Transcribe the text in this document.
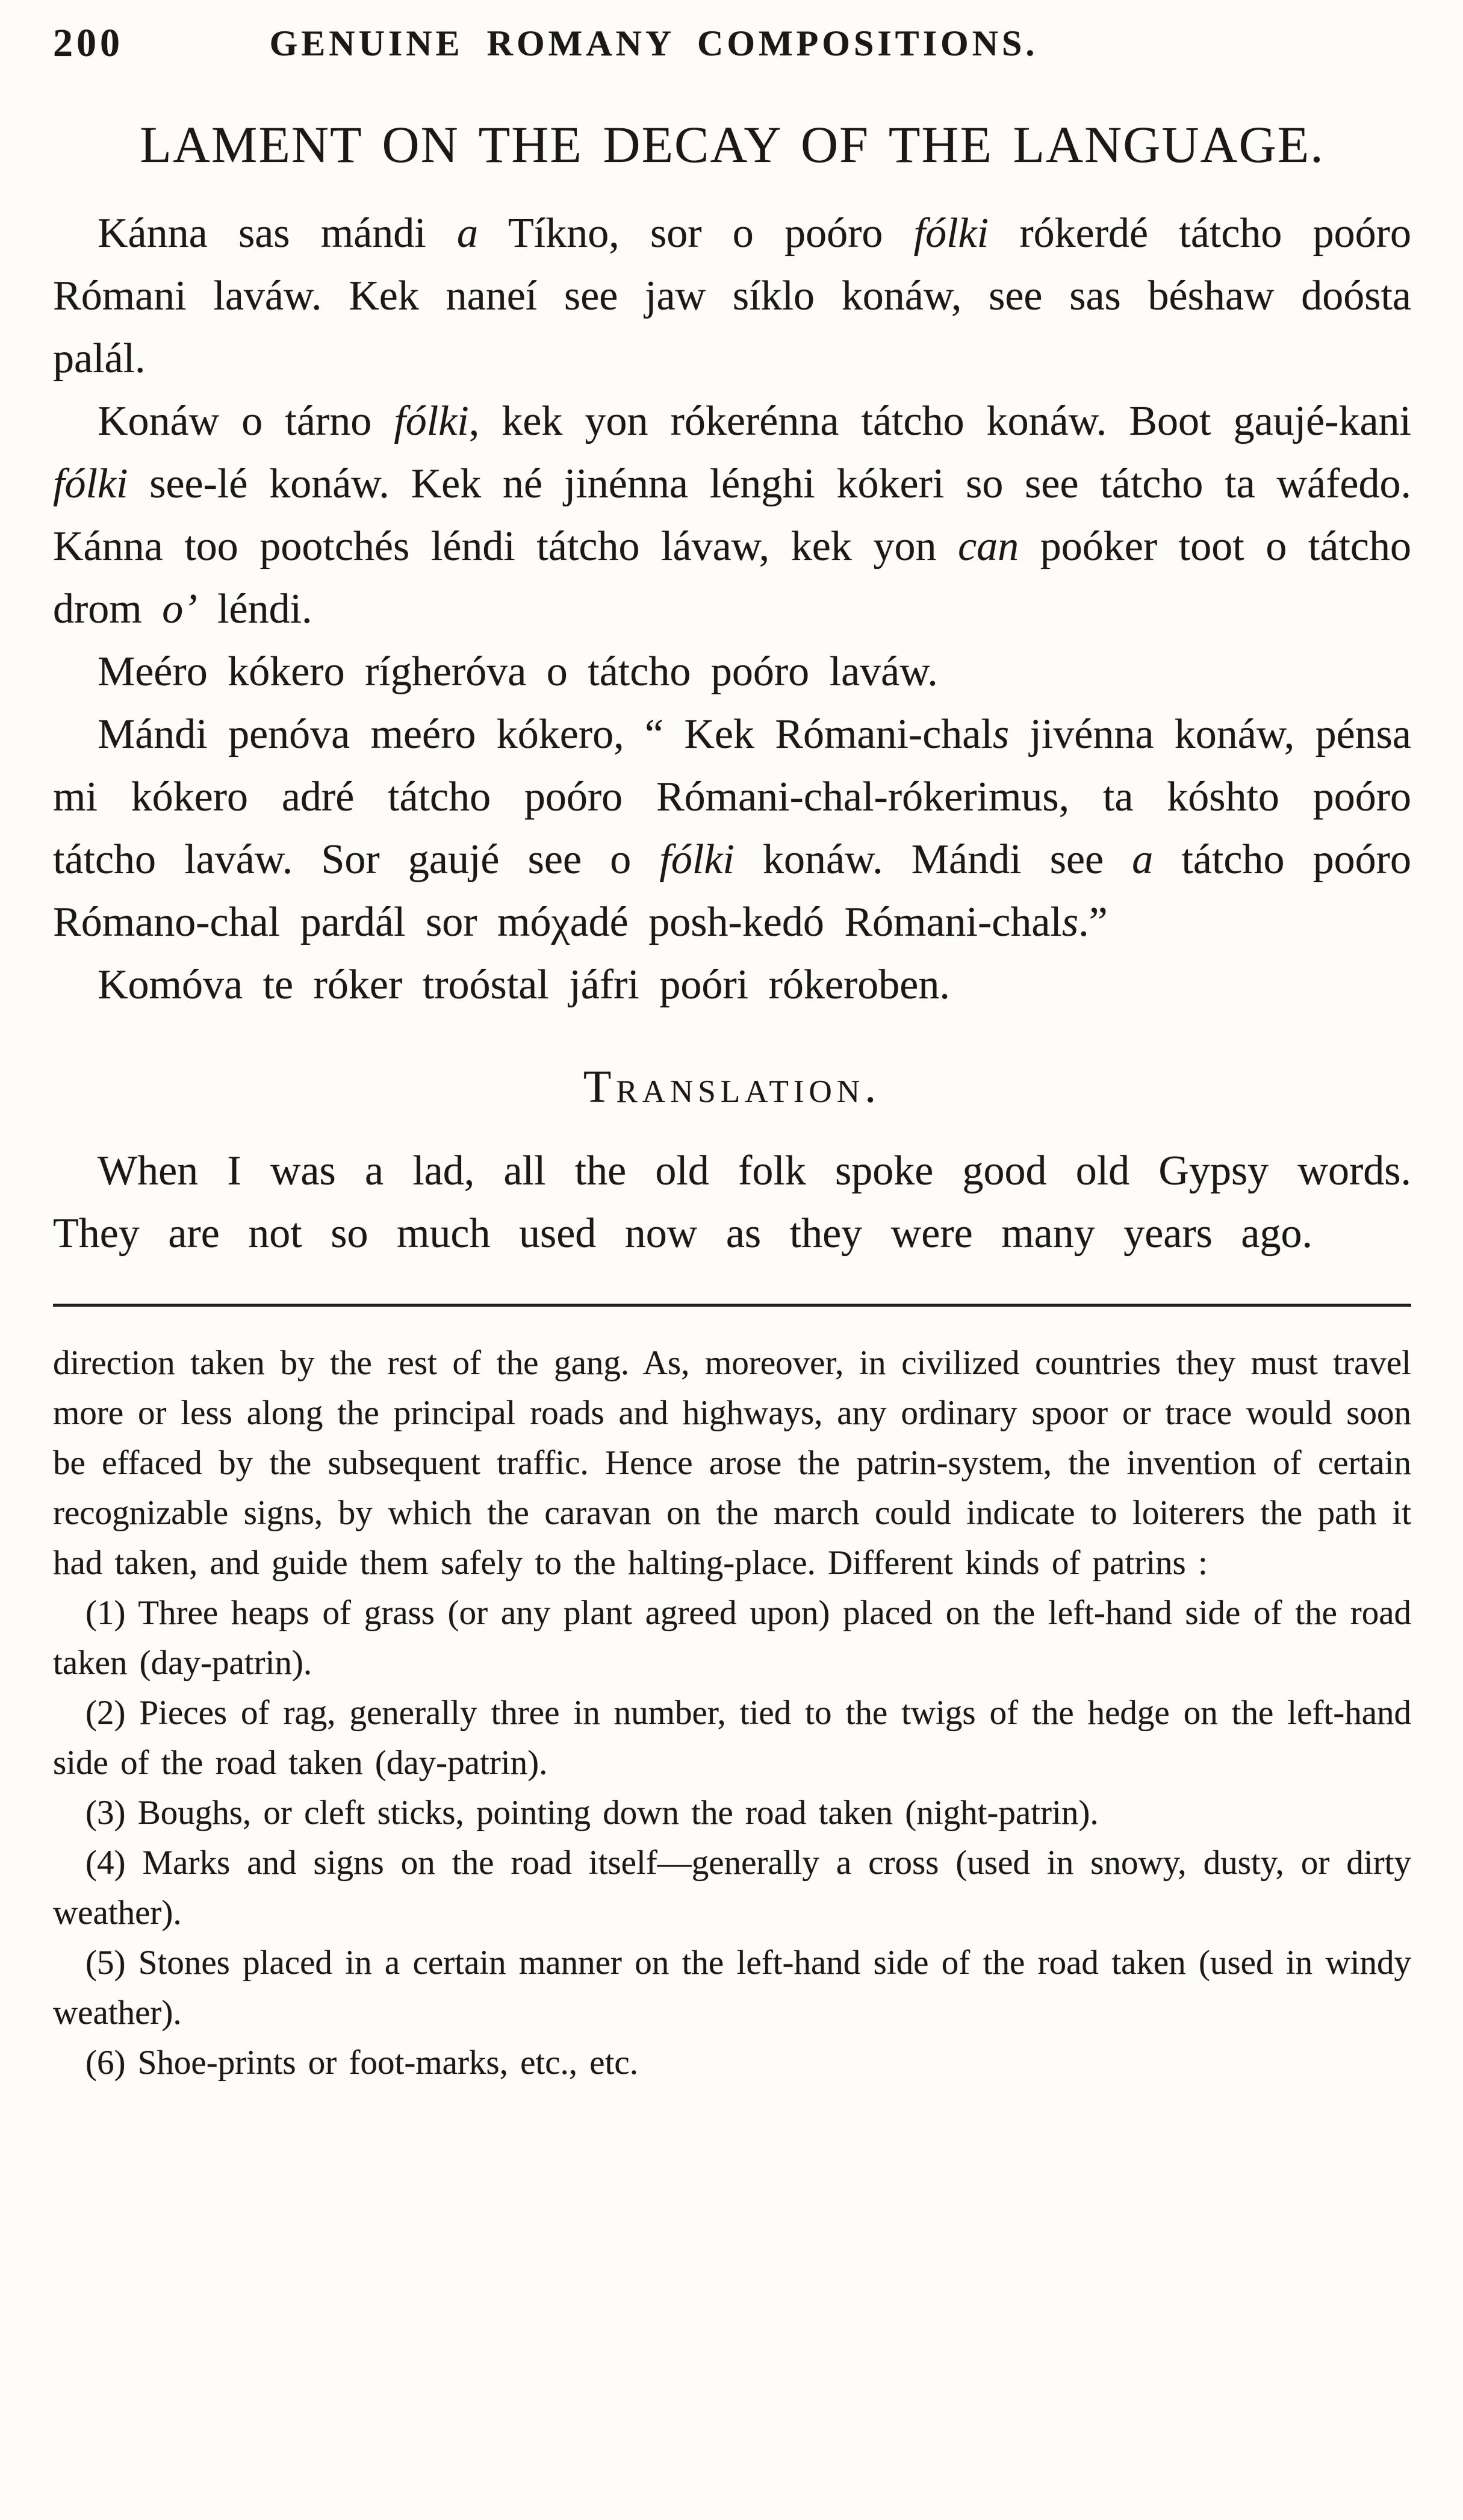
200	GENUINE ROMANY COMPOSITIONS.
LAMENT ON THE DECAY OF THE LANGUAGE.

Kánna sas mándi a Tíkno, sor o poóro fólki rókerdé tátcho poóro Rómani laváw. Kek naneí see jaw síklo konáw, see sas béshaw doósta palál.

Konáw o tárno fólki, kek yon rókerénna tátcho konáw. Boot gaujé-kani fólki see-lé konáw. Kek né jinénna lénghi kókeri so see tátcho ta wáfedo. Kánna too pootchés léndi tátcho lávaw, kek yon can poóker toot o tátcho drom o’ léndi.

Meéro kókero rígheróva o tátcho poóro laváw.

Mándi penóva meéro kókero, “ Kek Rómani-chals jivénna konáw, pénsa mi kókero adré tátcho poóro Rómani-chal-rókerimus, ta kóshto poóro tátcho laváw. Sor gaujé see o fólki konáw. Mándi see a tátcho poóro Rómano-chal pardál sor móχadé posh-kedó Rómani-chals.”

Komóva te róker troóstal jáfri poóri rókeroben.

Translation.

When I was a lad, all the old folk spoke good old Gypsy words. They are not so much used now as they were many years ago.

direction taken by the rest of the gang. As, moreover, in civilized countries they must travel more or less along the principal roads and highways, any ordinary spoor or trace would soon be effaced by the subsequent traffic. Hence arose the patrin-system, the invention of certain recognizable signs, by which the caravan on the march could indicate to loiterers the path it had taken, and guide them safely to the halting-place. Different kinds of patrins :

(1) Three heaps of grass (or any plant agreed upon) placed on the left-hand side of the road taken (day-patrin).

(2) Pieces of rag, generally three in number, tied to the twigs of the hedge on the left-hand side of the road taken (day-patrin).

(3) Boughs, or cleft sticks, pointing down the road taken (night-patrin).

(4) Marks and signs on the road itself—generally a cross (used in snowy, dusty, or dirty weather).

(5) Stones placed in a certain manner on the left-hand side of the road taken (used in windy weather).

(6) Shoe-prints or foot-marks, etc., etc.
